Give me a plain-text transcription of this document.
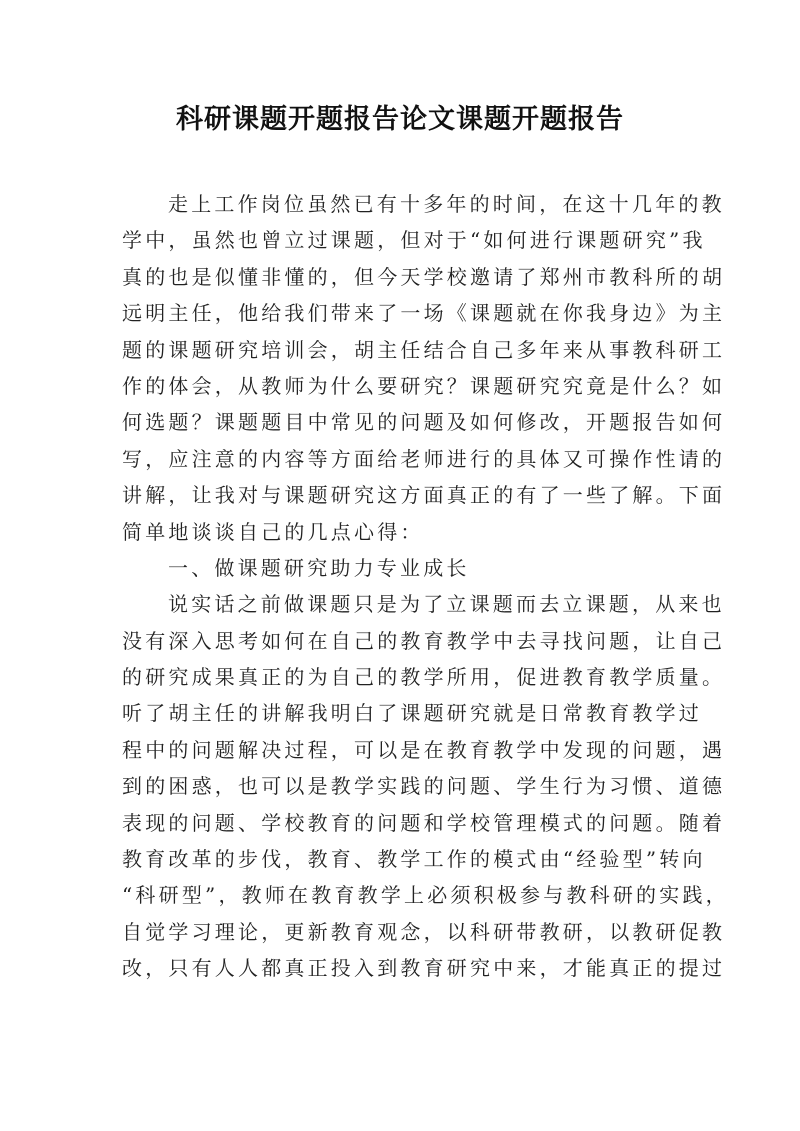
科研课题开题报告论文课题开题报告
走上工作岗位虽然已有十多年的时间，在这十几年的教
学中，虽然也曾立过课题，但对于“如何进行课题研究”我
真的也是似懂非懂的，但今天学校邀请了郑州市教科所的胡
远明主任，他给我们带来了一场《课题就在你我身边》为主
题的课题研究培训会，胡主任结合自己多年来从事教科研工
作的体会，从教师为什么要研究？课题研究究竟是什么？如
何选题？课题题目中常见的问题及如何修改，开题报告如何
写，应注意的内容等方面给老师进行的具体又可操作性请的
讲解，让我对与课题研究这方面真正的有了一些了解。下面
简单地谈谈自己的几点心得：
一、做课题研究助力专业成长
说实话之前做课题只是为了立课题而去立课题，从来也
没有深入思考如何在自己的教育教学中去寻找问题，让自己
的研究成果真正的为自己的教学所用，促进教育教学质量。
听了胡主任的讲解我明白了课题研究就是日常教育教学过
程中的问题解决过程，可以是在教育教学中发现的问题，遇
到的困惑，也可以是教学实践的问题、学生行为习惯、道德
表现的问题、学校教育的问题和学校管理模式的问题。随着
教育改革的步伐，教育、教学工作的模式由“经验型”转向
“科研型”，教师在教育教学上必须积极参与教科研的实践，
自觉学习理论，更新教育观念，以科研带教研，以教研促教
改，只有人人都真正投入到教育研究中来，才能真正的提过
